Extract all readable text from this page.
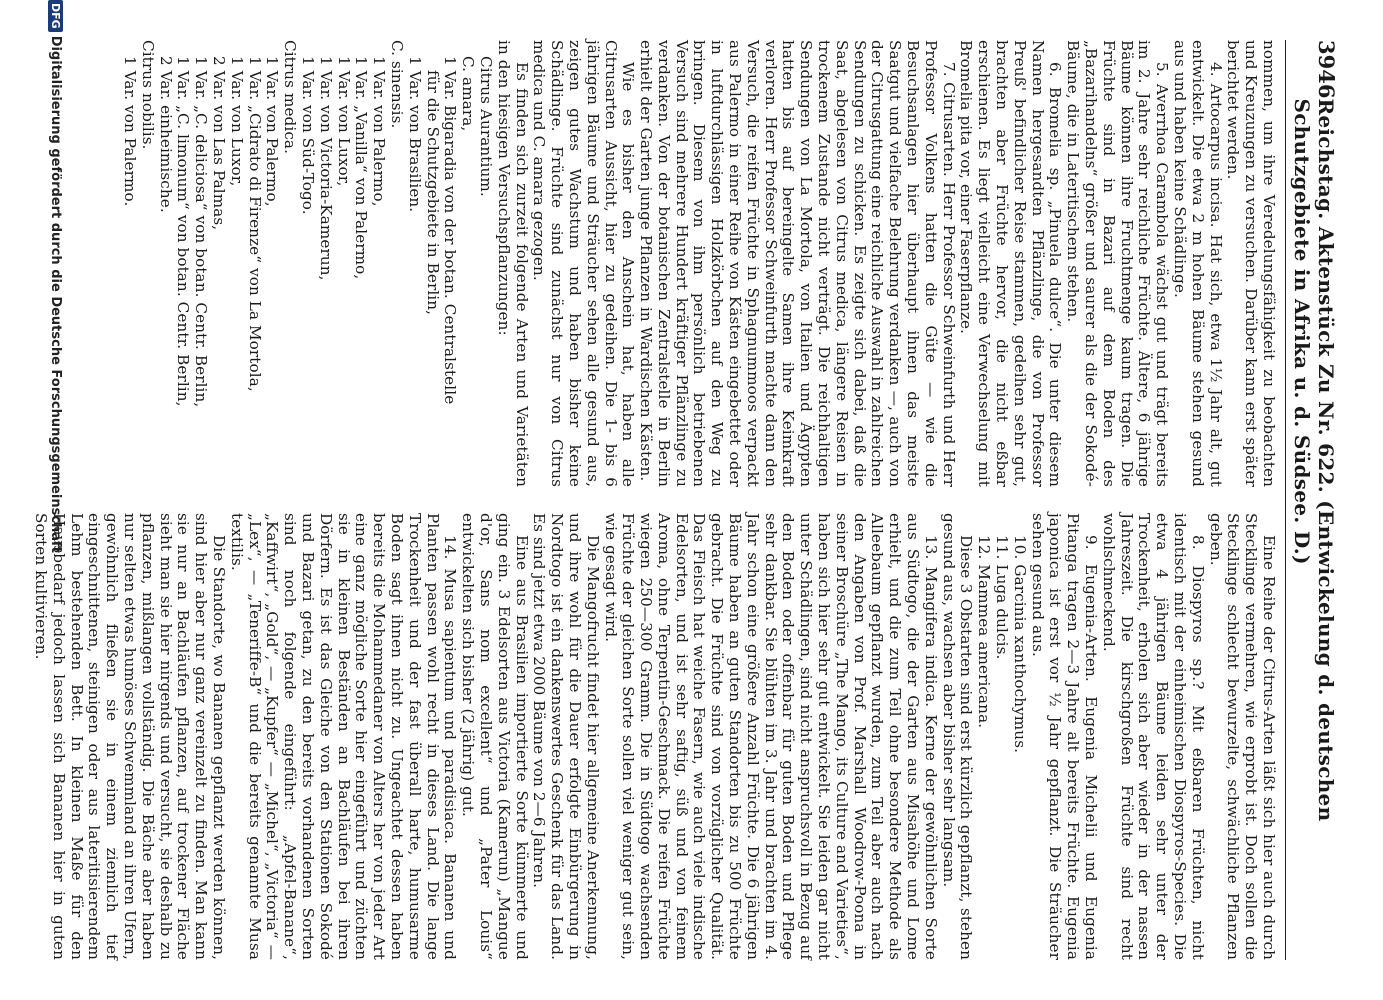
3946
Reichstag. Aktenstück Zu Nr. 622. (Entwickelung d. deutschen Schutzgebiete in Afrika u. d. Südsee. D.)

nommen, um ihre Veredelungsfähigkeit zu beobachten und Kreuzungen zu versuchen. Darüber kann erst später berichtet werden.

4. Artocarpus incisa. Hat sich, etwa 1½ Jahr alt, gut entwickelt. Die etwa 2 m hohen Bäume stehen gesund aus und haben keine Schädlinge.

5. Averrhoa Carambola wächst gut und trägt bereits im 2. Jahre sehr reichliche Früchte. Ältere, 6 jährige Bäume können ihre Fruchtmenge kaum tragen. Die Früchte sind in Bazari auf dem Boden des „Bazarihandelns“ größer und saurer als die der Sokodé-Bäume, die in Lateritischem stehen.

6. Bromelia sp. „Pinuela dulce“. Die unter diesem Namen hergesandten Pflänzlinge, die von Professor Preuß' befindlicher Reise stammen, gedeihen sehr gut, brachten aber Früchte hervor, die nicht eßbar erschienen. Es liegt vielleicht eine Verwechselung mit Bromelia pita vor, einer Faserpflanze.

7. Citrusarten. Herr Professor Schweinfurth und Herr Professor Volkens hatten die Güte — wie die Besuchsanlagen hier überhaupt ihnen das meiste Saatgut und vielfache Belehrung verdanken —, auch von der Citrusgattung eine reichliche Auswahl in zahlreichen Sendungen zu schicken. Es zeigte sich dabei, daß die Saat, abgelesen von Citrus medica, längere Reisen in trockenem Zustande nicht verträgt. Die reichhaltigen Sendungen von La Mortola, von Italien und Ägypten hatten bis auf bereingelte Samen ihre Keimkraft verloren. Herr Professor Schweinfurth machte dann den Versuch, die reifen Früchte in Sphagnummoos verpackt aus Palermo in einer Reihe von Kästen eingebettet oder in luftdurchlässigen Holzkörbchen auf den Weg zu bringen. Diesem von ihm persönlich betriebenen Versuch sind mehrere Hundert kräftiger Pflänzlinge zu verdanken. Von der botanischen Zentralstelle in Berlin erhielt der Garten junge Pflanzen in Wardischen Kästen.

Wie es bisher den Anschein hat, haben alle Citrusarten Aussicht, hier zu gedeihen. Die 1- bis 6 jährigen Bäume und Sträucher sehen alle gesund aus, zeigen gutes Wachstum und haben bisher keine Schädlinge. Früchte sind zunächst nur von Citrus medica und C. amara gezogen.

Es finden sich zurzeit folgende Arten und Varietäten in den hiesigen Versuchspflanzungen:

Citrus Aurantium.
C. amara,
1 Var. Bigaradia von der botan. Centralstelle
für die Schutzgebiete in Berlin,
1 Var. von Brasilien.
C. sinensis.
1 Var. von Palermo,
1 Var. „Vanilla“ von Palermo,
1 Var. von Luxor,
1 Var. von Victoria-Kamerun,
1 Var. von Süd-Togo.
Citrus medica.
1 Var. von Palermo,
1 Var. „Cidrato di Firenze“ von La Mortola,
1 Var. von Luxor,
2 Var. von Las Palmas,
1 Var. „C. deliciosa“ von botan. Centr. Berlin,
1 Var. „C. limonum“ von botan. Centr. Berlin,
2 Var. einheimische.
Citrus nobilis.
1 Var. von Palermo.

Eine Reihe der Citrus-Arten läßt sich hier auch durch Stecklinge vermehren, wie erprobt ist. Doch sollen die Stecklinge schlecht bewurzelte, schwächliche Pflanzen geben.

8. Diospyros sp.? Mit eßbaren Früchten, nicht identisch mit der einheimischen Diospyros-Species. Die etwa 4 jährigen Bäume leiden sehr unter der Trockenheit, erholen sich aber wieder in der nassen Jahreszeit. Die kirschgroßen Früchte sind recht wohlschmeckend.

9. Eugenia-Arten. Eugenia Michelii und Eugenia Pitanga tragen 2—3 Jahre alt bereits Früchte. Eugenia japonica ist erst vor ½ Jahr gepflanzt. Die Sträucher sehen gesund aus.

10. Garcinia xanthochymus.

11. Luga dulcis.

12. Mammea americana.

Diese 3 Obstarten sind erst kürzlich gepflanzt, stehen gesund aus, wachsen aber bisher sehr langsam.

13. Mangifera indica. Kerne der gewöhnlichen Sorte aus Südtogo, die der Garten aus Misahöhe und Lome erhielt, und die zum Teil ohne besondere Methode als Alleebaum gepflanzt wurden, zum Teil aber auch nach den Angaben von Prof. Marshall Woodrow-Poona in seiner Broschüre „The Mango, its Culture and Varieties“, haben sich hier sehr gut entwickelt. Sie leiden gar nicht unter Schädlingen, sind nicht anspruchsvoll in Bezug auf den Boden oder offenbar für guten Boden und Pflege sehr dankbar. Sie blühten im 3. Jahr und brachten im 4. Jahr schon eine größere Anzahl Früchte. Die 6 jährigen Bäume haben an guten Standorten bis zu 500 Früchte gebracht. Die Früchte sind von vorzüglicher Qualität. Das Fleisch hat weiche Fasern, wie auch viele indische Edelsorten, und ist sehr saftig, süß und von feinem Aroma, ohne Terpentin-Geschmack. Die reifen Früchte wiegen 250—300 Gramm. Die in Südtogo wachsenden Früchte der gleichen Sorte sollen viel weniger gut sein, wie gesagt wird.

Die Mangofrucht findet hier allgemeine Anerkennung, und ihre wohl für die Dauer erfolgte Einbürgerung in Nordtogo ist ein dankenswertes Geschenk für das Land. Es sind jetzt etwa 2000 Bäume von 2—6 Jahren.

Eine aus Brasilien importierte Sorte kümmerte und ging ein. 3 Edelsorten aus Victoria (Kamerun) „Mangue d'or, Sans nom excellent“ und „Pater Louis“ entwickelten sich bisher (2 jährig) gut.

14. Musa sapientum und paradisiaca. Bananen und Planten passen wohl recht in dieses Land. Die lange Trockenheit und der fast überall harte, humusarme Boden sagt ihnen nicht zu. Ungeachtet dessen haben bereits die Mohammedaner von Alters her von jeder Art eine ganz mögliche Sorte hier eingeführt und züchten sie in kleinen Beständen an Bachläufen bei ihren Dörfern. Es ist das Gleiche von den Stationen Sokodé und Bazari getan, zu den bereits vorhandenen Sorten sind noch folgende eingeführt: „Apfel-Banane“, „Kaffwirt“, „Gold“, — „Kupfer“ — „Michel“, „Victoria“ — „Lex“, — „Teneriffe-B“ und die bereits genannte Musa textilis.

Die Standorte, wo Bananen gepflanzt werden können, sind hier aber nur ganz vereinzelt zu finden. Man kann sie nur an Bachläufen pflanzen, auf trockener Fläche sieht man sie hier nirgends und versucht, sie deshalb zu pflanzen, mißlangen vollständig. Die Bäche aber haben nur selten etwas humöses Schwemmland an ihren Ufern, gewöhnlich fließen sie in einem ziemlich tief eingeschnittenen, steinigen oder aus lateritisierendem Lehm bestehenden Bett. In kleinen Maße für den Hausbedarf jedoch lassen sich Bananen hier in guten Sorten kultivieren.

DFG
Digitalisierung gefördert durch die Deutsche Forschungsgemeinschaft
